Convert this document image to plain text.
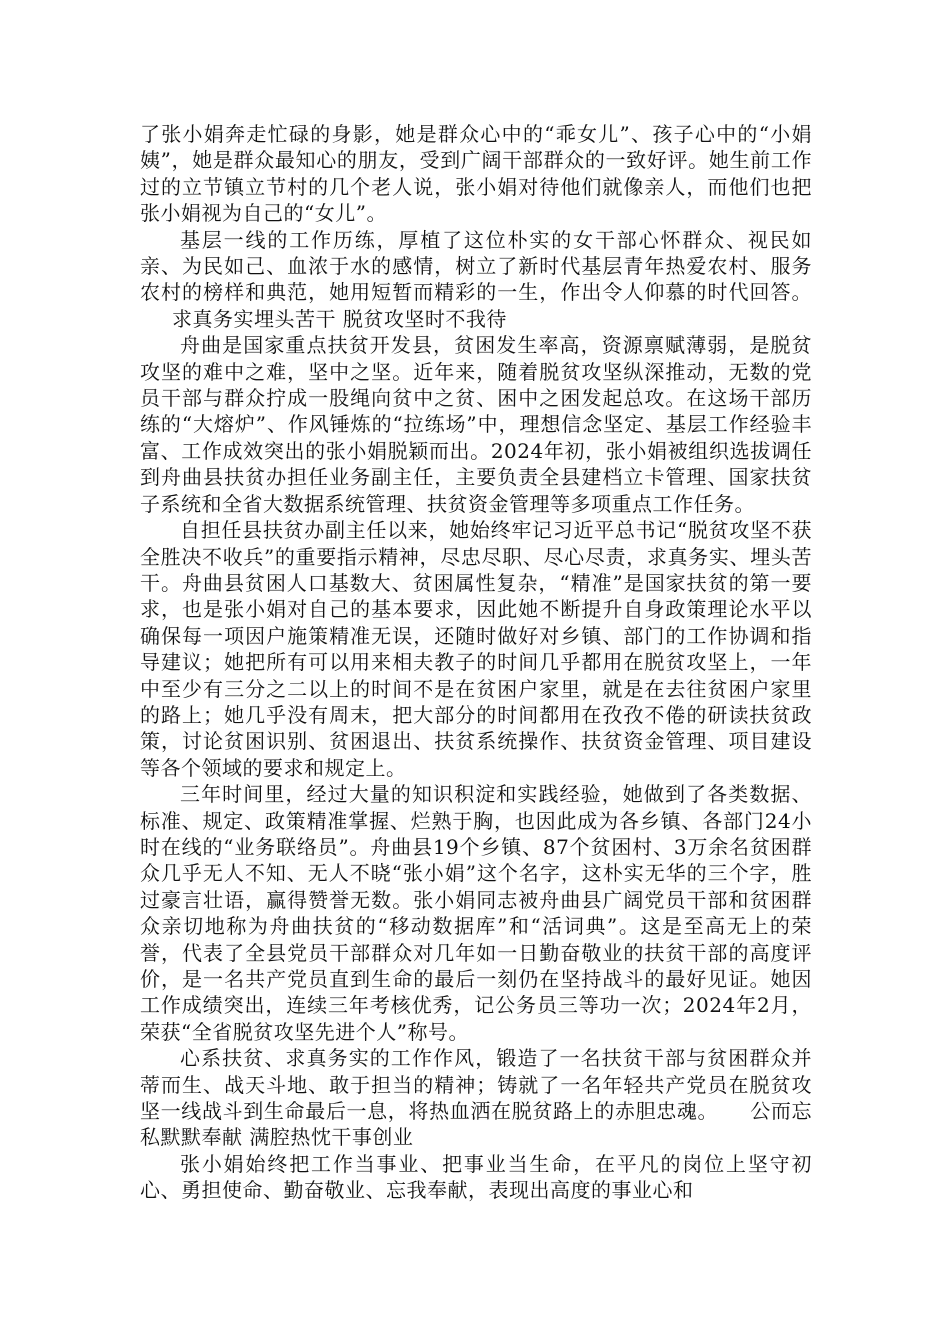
了张小娟奔走忙碌的身影，她是群众心中的“乖女儿”、孩子心中的“小娟姨”，她是群众最知心的朋友，受到广阔干部群众的一致好评。她生前工作过的立节镇立节村的几个老人说，张小娟对待他们就像亲人，而他们也把张小娟视为自己的“女儿”。

基层一线的工作历练，厚植了这位朴实的女干部心怀群众、视民如亲、为民如己、血浓于水的感情，树立了新时代基层青年热爱农村、服务农村的榜样和典范，她用短暂而精彩的一生，作出令人仰慕的时代回答。求真务实埋头苦干 脱贫攻坚时不我待

舟曲是国家重点扶贫开发县，贫困发生率高，资源禀赋薄弱，是脱贫攻坚的难中之难，坚中之坚。近年来，随着脱贫攻坚纵深推动，无数的党员干部与群众拧成一股绳向贫中之贫、困中之困发起总攻。在这场干部历练的“大熔炉”、作风锤炼的“拉练场”中，理想信念坚定、基层工作经验丰富、工作成效突出的张小娟脱颖而出。2024年初，张小娟被组织选拔调任到舟曲县扶贫办担任业务副主任，主要负责全县建档立卡管理、国家扶贫子系统和全省大数据系统管理、扶贫资金管理等多项重点工作任务。

自担任县扶贫办副主任以来，她始终牢记习近平总书记“脱贫攻坚不获全胜决不收兵”的重要指示精神，尽忠尽职、尽心尽责，求真务实、埋头苦干。舟曲县贫困人口基数大、贫困属性复杂，“精准”是国家扶贫的第一要求，也是张小娟对自己的基本要求，因此她不断提升自身政策理论水平以确保每一项因户施策精准无误，还随时做好对乡镇、部门的工作协调和指导建议；她把所有可以用来相夫教子的时间几乎都用在脱贫攻坚上，一年中至少有三分之二以上的时间不是在贫困户家里，就是在去往贫困户家里的路上；她几乎没有周末，把大部分的时间都用在孜孜不倦的研读扶贫政策，讨论贫困识别、贫困退出、扶贫系统操作、扶贫资金管理、项目建设等各个领域的要求和规定上。

三年时间里，经过大量的知识积淀和实践经验，她做到了各类数据、标准、规定、政策精准掌握、烂熟于胸，也因此成为各乡镇、各部门24小时在线的“业务联络员”。舟曲县19个乡镇、87个贫困村、3万余名贫困群众几乎无人不知、无人不晓“张小娟”这个名字，这朴实无华的三个字，胜过豪言壮语，赢得赞誉无数。张小娟同志被舟曲县广阔党员干部和贫困群众亲切地称为舟曲扶贫的“移动数据库”和“活词典”。这是至高无上的荣誉，代表了全县党员干部群众对几年如一日勤奋敬业的扶贫干部的高度评价，是一名共产党员直到生命的最后一刻仍在坚持战斗的最好见证。她因工作成绩突出，连续三年考核优秀，记公务员三等功一次；2024年2月，荣获“全省脱贫攻坚先进个人”称号。

心系扶贫、求真务实的工作作风，锻造了一名扶贫干部与贫困群众并蒂而生、战天斗地、敢于担当的精神；铸就了一名年轻共产党员在脱贫攻坚一线战斗到生命最后一息，将热血洒在脱贫路上的赤胆忠魂。 公而忘私默默奉献 满腔热忱干事创业

张小娟始终把工作当事业、把事业当生命，在平凡的岗位上坚守初心、勇担使命、勤奋敬业、忘我奉献，表现出高度的事业心和
